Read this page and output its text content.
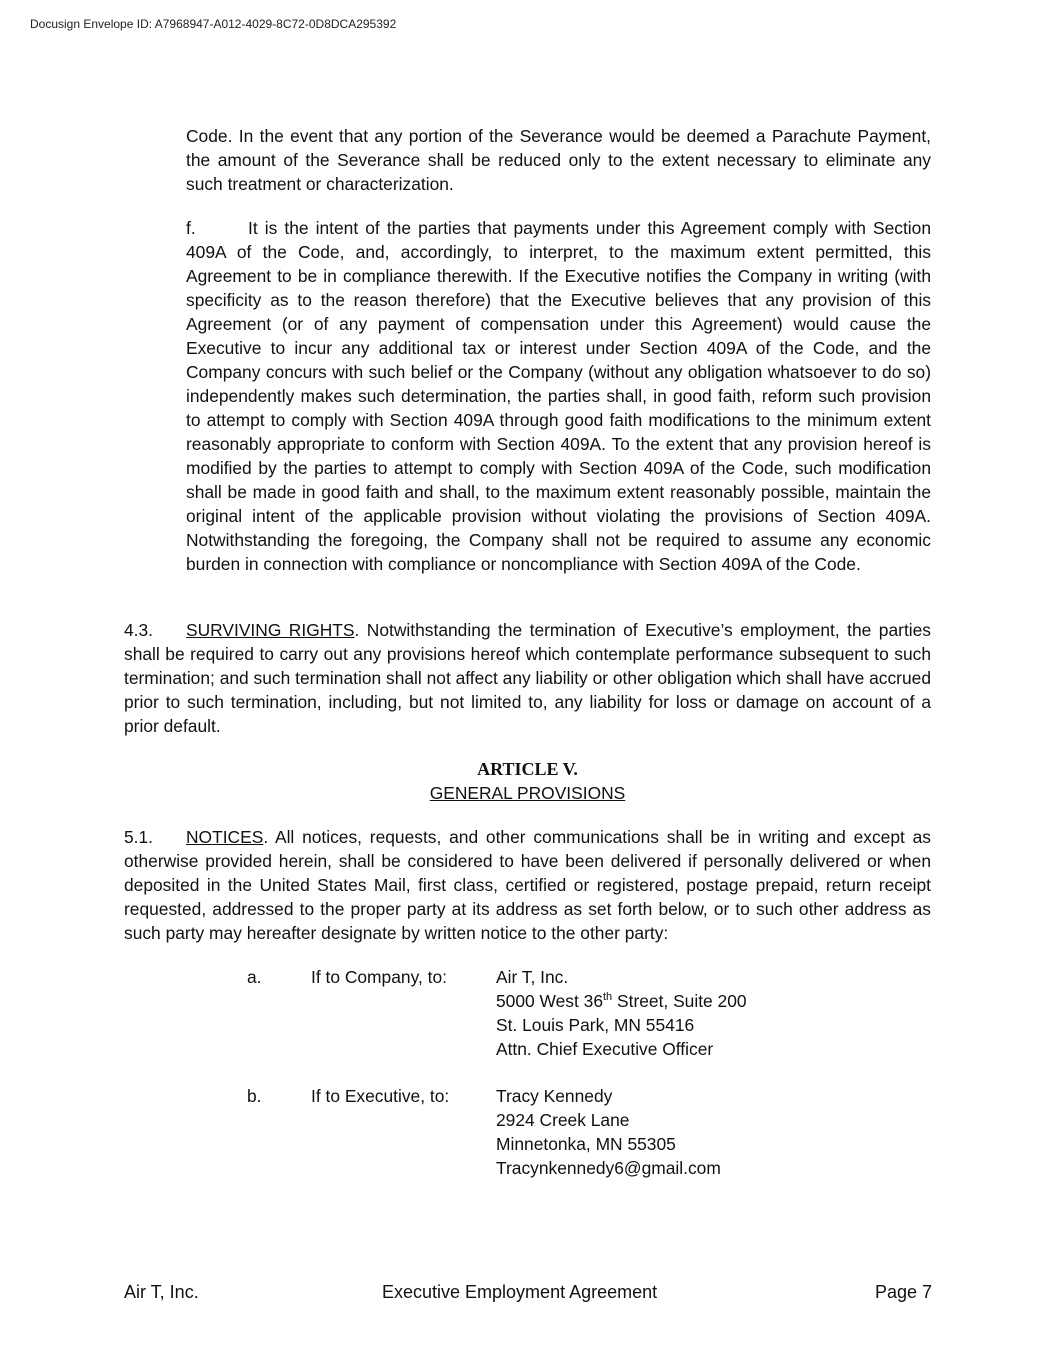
Docusign Envelope ID: A7968947-A012-4029-8C72-0D8DCA295392
Code. In the event that any portion of the Severance would be deemed a Parachute Payment, the amount of the Severance shall be reduced only to the extent necessary to eliminate any such treatment or characterization.
f.	It is the intent of the parties that payments under this Agreement comply with Section 409A of the Code, and, accordingly, to interpret, to the maximum extent permitted, this Agreement to be in compliance therewith. If the Executive notifies the Company in writing (with specificity as to the reason therefore) that the Executive believes that any provision of this Agreement (or of any payment of compensation under this Agreement) would cause the Executive to incur any additional tax or interest under Section 409A of the Code, and the Company concurs with such belief or the Company (without any obligation whatsoever to do so) independently makes such determination, the parties shall, in good faith, reform such provision to attempt to comply with Section 409A through good faith modifications to the minimum extent reasonably appropriate to conform with Section 409A. To the extent that any provision hereof is modified by the parties to attempt to comply with Section 409A of the Code, such modification shall be made in good faith and shall, to the maximum extent reasonably possible, maintain the original intent of the applicable provision without violating the provisions of Section 409A. Notwithstanding the foregoing, the Company shall not be required to assume any economic burden in connection with compliance or noncompliance with Section 409A of the Code.
4.3. SURVIVING RIGHTS. Notwithstanding the termination of Executive’s employment, the parties shall be required to carry out any provisions hereof which contemplate performance subsequent to such termination; and such termination shall not affect any liability or other obligation which shall have accrued prior to such termination, including, but not limited to, any liability for loss or damage on account of a prior default.
ARTICLE V.
GENERAL PROVISIONS
5.1. NOTICES. All notices, requests, and other communications shall be in writing and except as otherwise provided herein, shall be considered to have been delivered if personally delivered or when deposited in the United States Mail, first class, certified or registered, postage prepaid, return receipt requested, addressed to the proper party at its address as set forth below, or to such other address as such party may hereafter designate by written notice to the other party:
a.	If to Company, to:	Air T, Inc.
5000 West 36th Street, Suite 200
St. Louis Park, MN 55416
Attn. Chief Executive Officer
b.	If to Executive, to:	Tracy Kennedy
2924 Creek Lane
Minnetonka, MN 55305
Tracynkennedy6@gmail.com
Air T, Inc.	Executive Employment Agreement	Page 7
